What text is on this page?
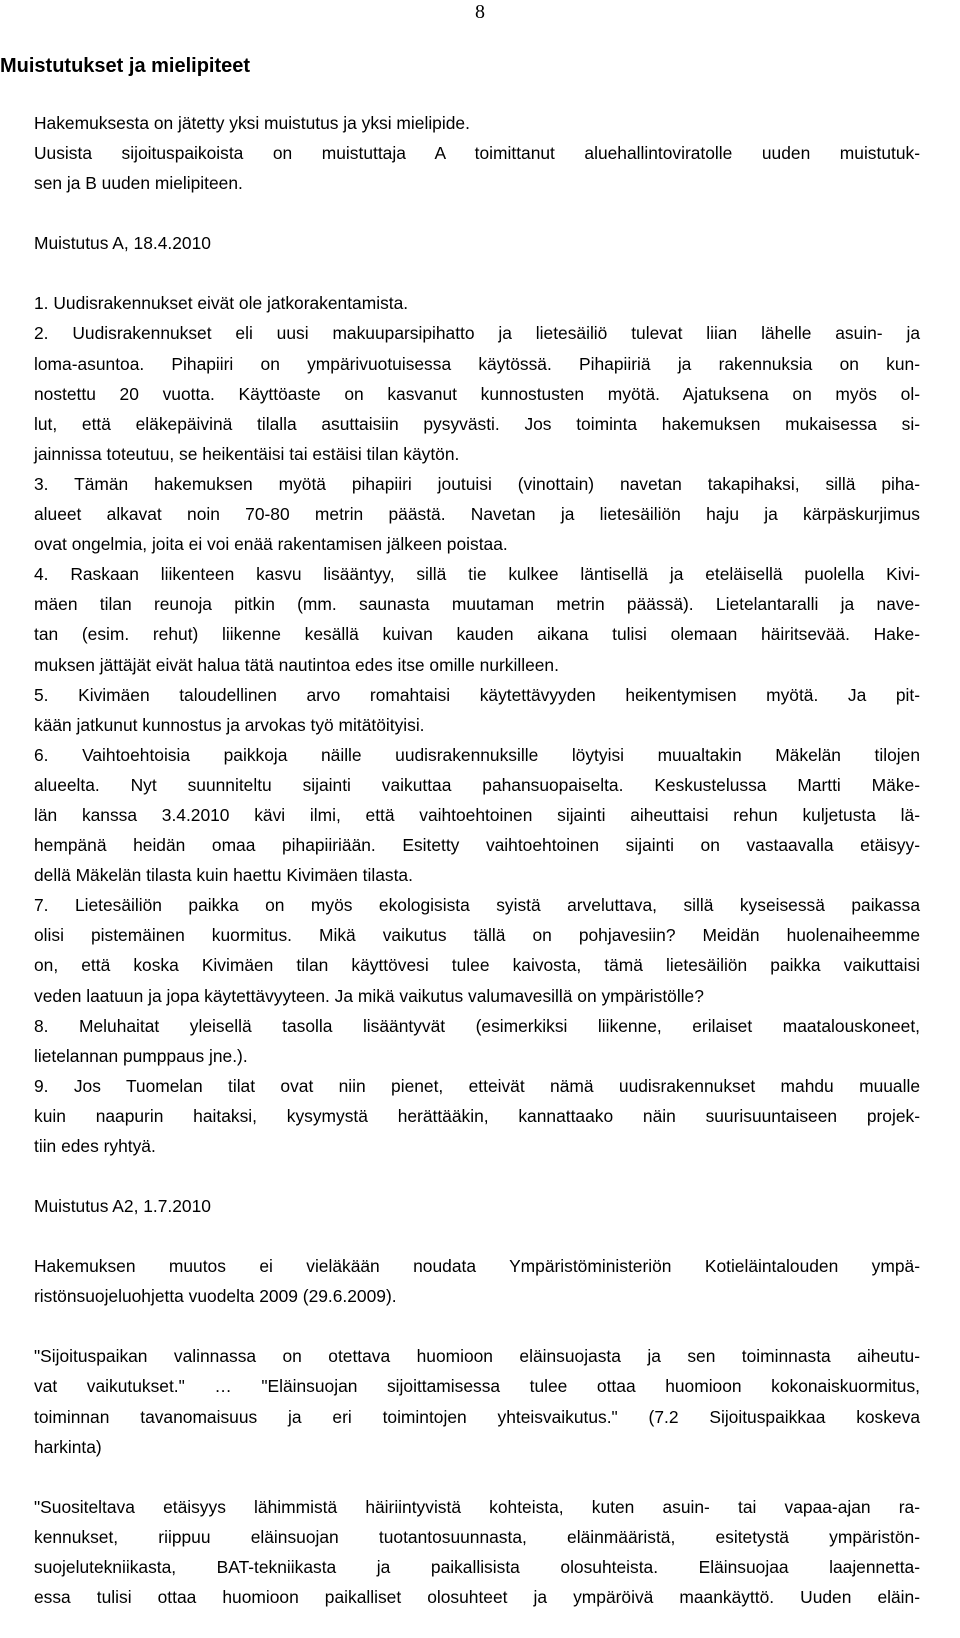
8
Muistutukset ja mielipiteet

Hakemuksesta on jätetty yksi muistutus ja yksi mielipide.
Uusista sijoituspaikoista on muistuttaja A toimittanut aluehallintoviratolle uuden muistutuk-
sen ja B uuden mielipiteen.

Muistutus A, 18.4.2010

1. Uudisrakennukset eivät ole jatkorakentamista.
2. Uudisrakennukset eli uusi makuuparsipihatto ja lietesäiliö tulevat liian lähelle asuin- ja
loma-asuntoa. Pihapiiri on ympärivuotuisessa käytössä. Pihapiiriä ja rakennuksia on kun-
nostettu 20 vuotta. Käyttöaste on kasvanut kunnostusten myötä. Ajatuksena on myös ol-
lut, että eläkepäivinä tilalla asuttaisiin pysyvästi. Jos toiminta hakemuksen mukaisessa si-
jainnissa toteutuu, se heikentäisi tai estäisi tilan käytön.
3. Tämän hakemuksen myötä pihapiiri joutuisi (vinottain) navetan takapihaksi, sillä piha-
alueet alkavat noin 70-80 metrin päästä. Navetan ja lietesäiliön haju ja kärpäskurjimus
ovat ongelmia, joita ei voi enää rakentamisen jälkeen poistaa.
4. Raskaan liikenteen kasvu lisääntyy, sillä tie kulkee läntisellä ja eteläisellä puolella Kivi-
mäen tilan reunoja pitkin (mm. saunasta muutaman metrin päässä). Lietelantaralli ja nave-
tan (esim. rehut) liikenne kesällä kuivan kauden aikana tulisi olemaan häiritsevää. Hake-
muksen jättäjät eivät halua tätä nautintoa edes itse omille nurkilleen.
5. Kivimäen taloudellinen arvo romahtaisi käytettävyyden heikentymisen myötä. Ja pit-
kään jatkunut kunnostus ja arvokas työ mitätöityisi.
6. Vaihtoehtoisia paikkoja näille uudisrakennuksille löytyisi muualtakin Mäkelän tilojen
alueelta. Nyt suunniteltu sijainti vaikuttaa pahansuopaiselta. Keskustelussa Martti Mäke-
län kanssa 3.4.2010 kävi ilmi, että vaihtoehtoinen sijainti aiheuttaisi rehun kuljetusta lä-
hempänä heidän omaa pihapiiriään. Esitetty vaihtoehtoinen sijainti on vastaavalla etäisyy-
dellä Mäkelän tilasta kuin haettu Kivimäen tilasta.
7. Lietesäiliön paikka on myös ekologisista syistä arveluttava, sillä kyseisessä paikassa
olisi pistemäinen kuormitus. Mikä vaikutus tällä on pohjavesiin? Meidän huolenaiheemme
on, että koska Kivimäen tilan käyttövesi tulee kaivosta, tämä lietesäiliön paikka vaikuttaisi
veden laatuun ja jopa käytettävyyteen. Ja mikä vaikutus valumavesillä on ympäristölle?
8. Meluhaitat yleisellä tasolla lisääntyvät (esimerkiksi liikenne, erilaiset maatalouskoneet,
lietelannan pumppaus jne.).
9. Jos Tuomelan tilat ovat niin pienet, etteivät nämä uudisrakennukset mahdu muualle
kuin naapurin haitaksi, kysymystä herättääkin, kannattaako näin suurisuuntaiseen projek-
tiin edes ryhtyä.

Muistutus A2, 1.7.2010

Hakemuksen muutos ei vieläkään noudata Ympäristöministeriön Kotieläintalouden ympä-
ristönsuojeluohjetta vuodelta 2009 (29.6.2009).

"Sijoituspaikan valinnassa on otettava huomioon eläinsuojasta ja sen toiminnasta aiheutu-
vat vaikutukset." … "Eläinsuojan sijoittamisessa tulee ottaa huomioon kokonaiskuormitus,
toiminnan tavanomaisuus ja eri toimintojen yhteisvaikutus." (7.2 Sijoituspaikkaa koskeva
harkinta)

"Suositeltava etäisyys lähimmistä häiriintyvistä kohteista, kuten asuin- tai vapaa-ajan ra-
kennukset, riippuu eläinsuojan tuotantosuunnasta, eläinmääristä, esitetystä ympäristön-
suojelutekniikasta, BAT-tekniikasta ja paikallisista olosuhteista. Eläinsuojaa laajennetta-
essa tulisi ottaa huomioon paikalliset olosuhteet ja ympäröivä maankäyttö. Uuden eläin-
